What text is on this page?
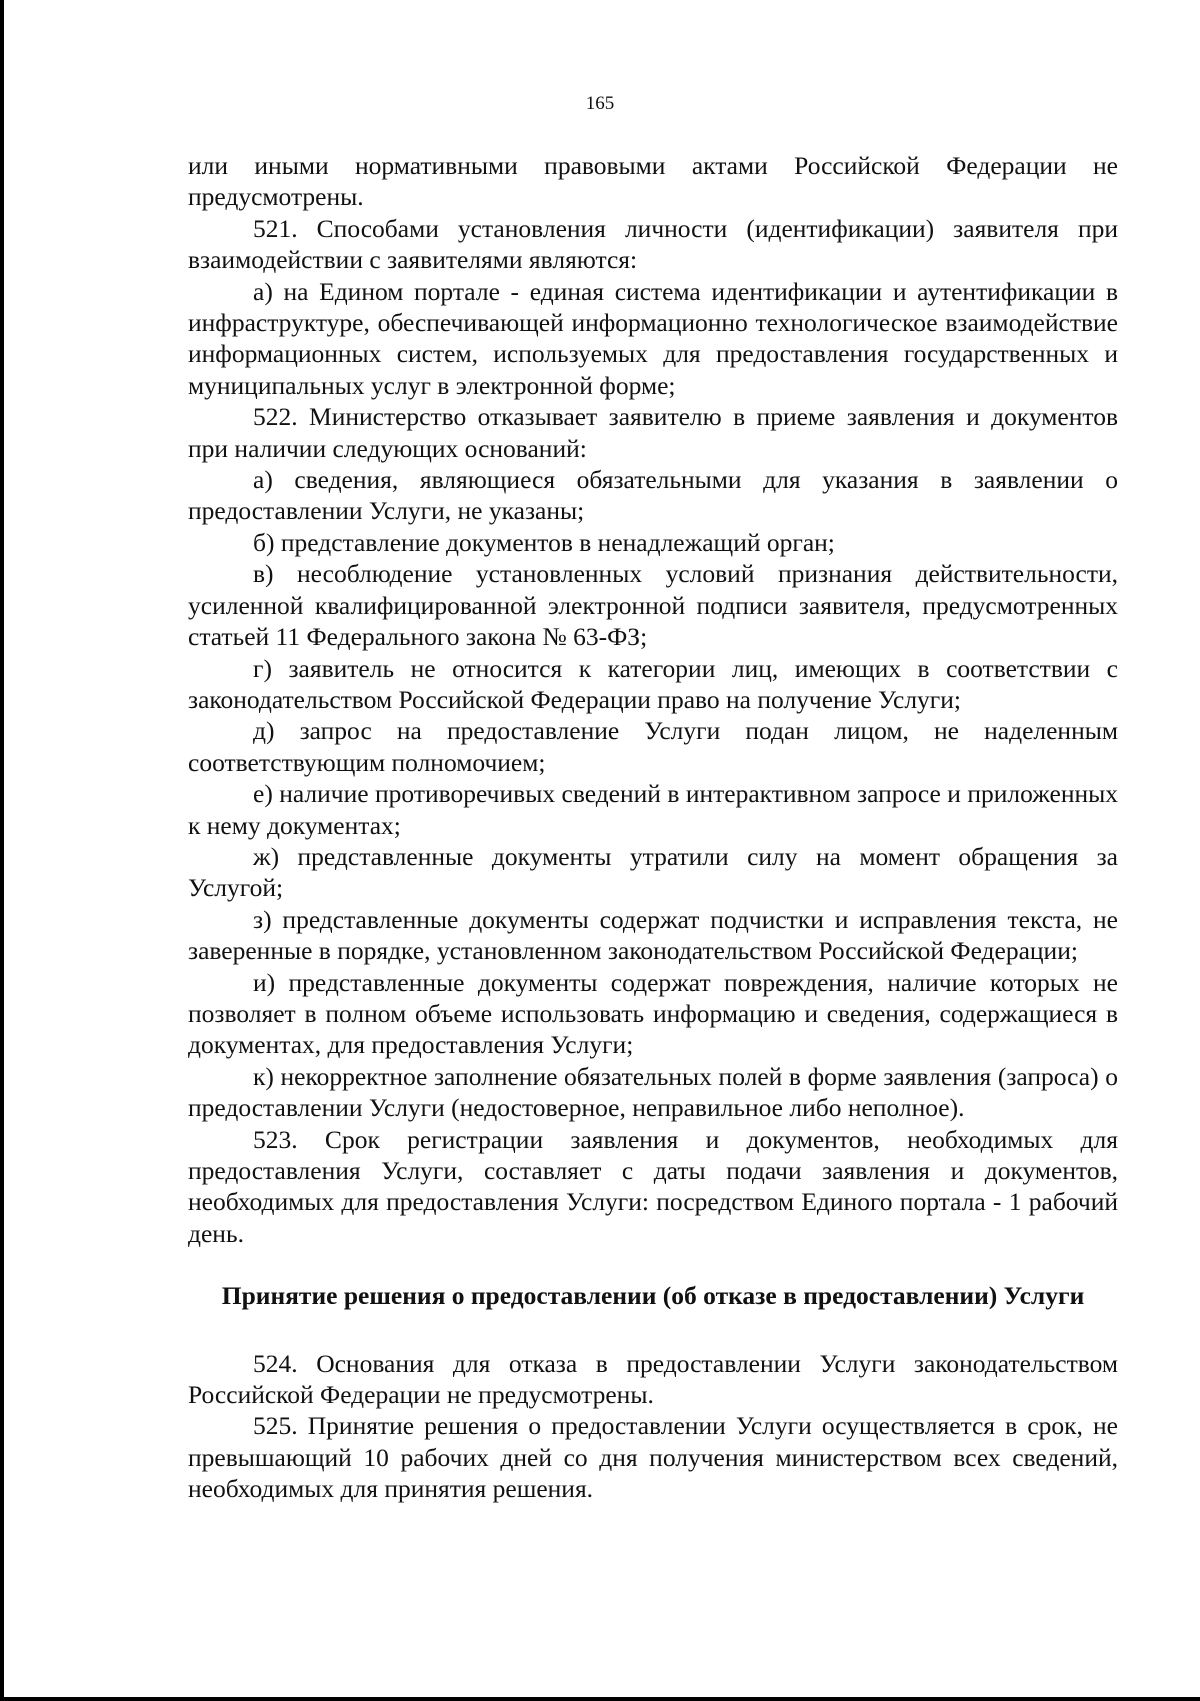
165

или иными нормативными правовыми актами Российской Федерации не предусмотрены.

521. Способами установления личности (идентификации) заявителя при взаимодействии с заявителями являются:

а) на Едином портале - единая система идентификации и аутентификации в инфраструктуре, обеспечивающей информационно технологическое взаимодействие информационных систем, используемых для предоставления государственных и муниципальных услуг в электронной форме;

522. Министерство отказывает заявителю в приеме заявления и документов при наличии следующих оснований:

а) сведения, являющиеся обязательными для указания в заявлении о предоставлении Услуги, не указаны;

б) представление документов в ненадлежащий орган;

в) несоблюдение установленных условий признания действительности, усиленной квалифицированной электронной подписи заявителя, предусмотренных статьей 11 Федерального закона № 63-ФЗ;

г) заявитель не относится к категории лиц, имеющих в соответствии с законодательством Российской Федерации право на получение Услуги;

д) запрос на предоставление Услуги подан лицом, не наделенным соответствующим полномочием;

е) наличие противоречивых сведений в интерактивном запросе и приложенных к нему документах;

ж) представленные документы утратили силу на момент обращения за Услугой;

з) представленные документы содержат подчистки и исправления текста, не заверенные в порядке, установленном законодательством Российской Федерации;

и) представленные документы содержат повреждения, наличие которых не позволяет в полном объеме использовать информацию и сведения, содержащиеся в документах, для предоставления Услуги;

к) некорректное заполнение обязательных полей в форме заявления (запроса) о предоставлении Услуги (недостоверное, неправильное либо неполное).

523. Срок регистрации заявления и документов, необходимых для предоставления Услуги, составляет с даты подачи заявления и документов, необходимых для предоставления Услуги: посредством Единого портала - 1 рабочий день.

Принятие решения о предоставлении (об отказе в предоставлении) Услуги

524. Основания для отказа в предоставлении Услуги законодательством Российской Федерации не предусмотрены.

525. Принятие решения о предоставлении Услуги осуществляется в срок, не превышающий 10 рабочих дней со дня получения министерством всех сведений, необходимых для принятия решения.
